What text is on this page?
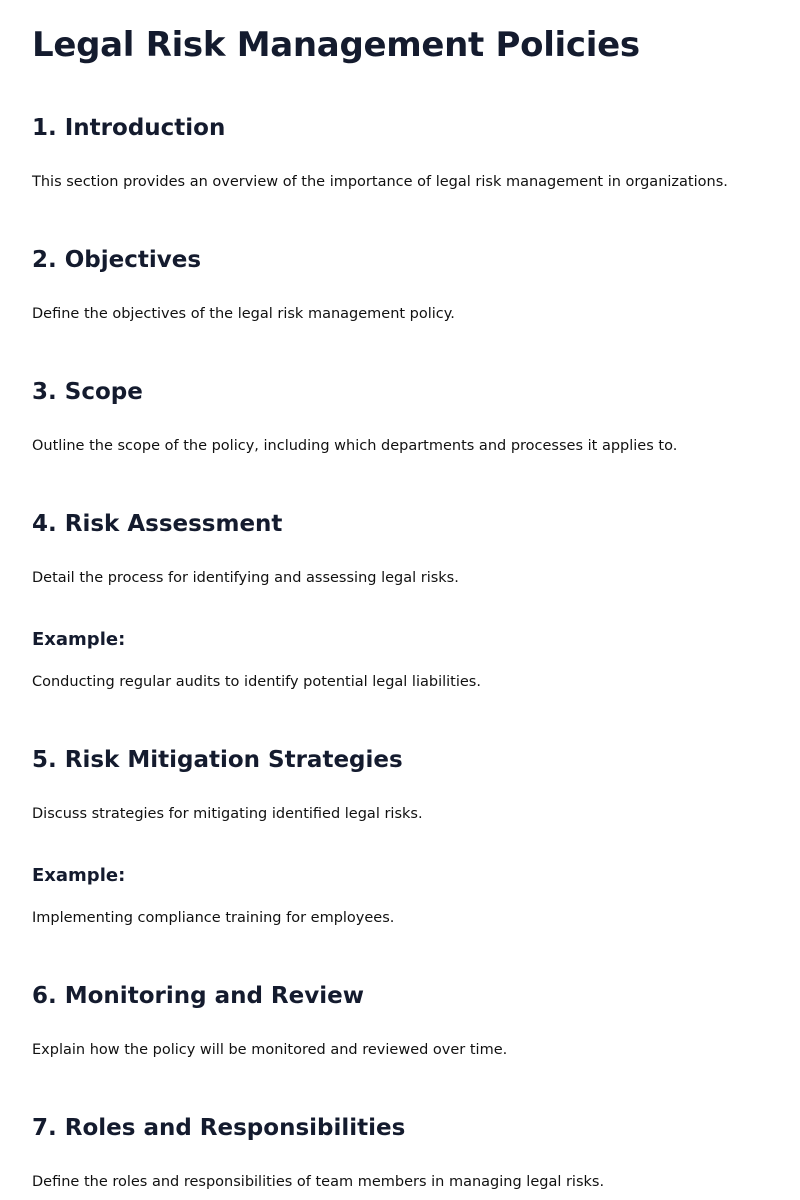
Legal Risk Management Policies
1. Introduction

This section provides an overview of the importance of legal risk management in organizations.

2. Objectives

Define the objectives of the legal risk management policy.

3. Scope

Outline the scope of the policy, including which departments and processes it applies to.

4. Risk Assessment

Detail the process for identifying and assessing legal risks.

Example:

Conducting regular audits to identify potential legal liabilities.

5. Risk Mitigation Strategies

Discuss strategies for mitigating identified legal risks.

Example:

Implementing compliance training for employees.

6. Monitoring and Review

Explain how the policy will be monitored and reviewed over time.

7. Roles and Responsibilities

Define the roles and responsibilities of team members in managing legal risks.
